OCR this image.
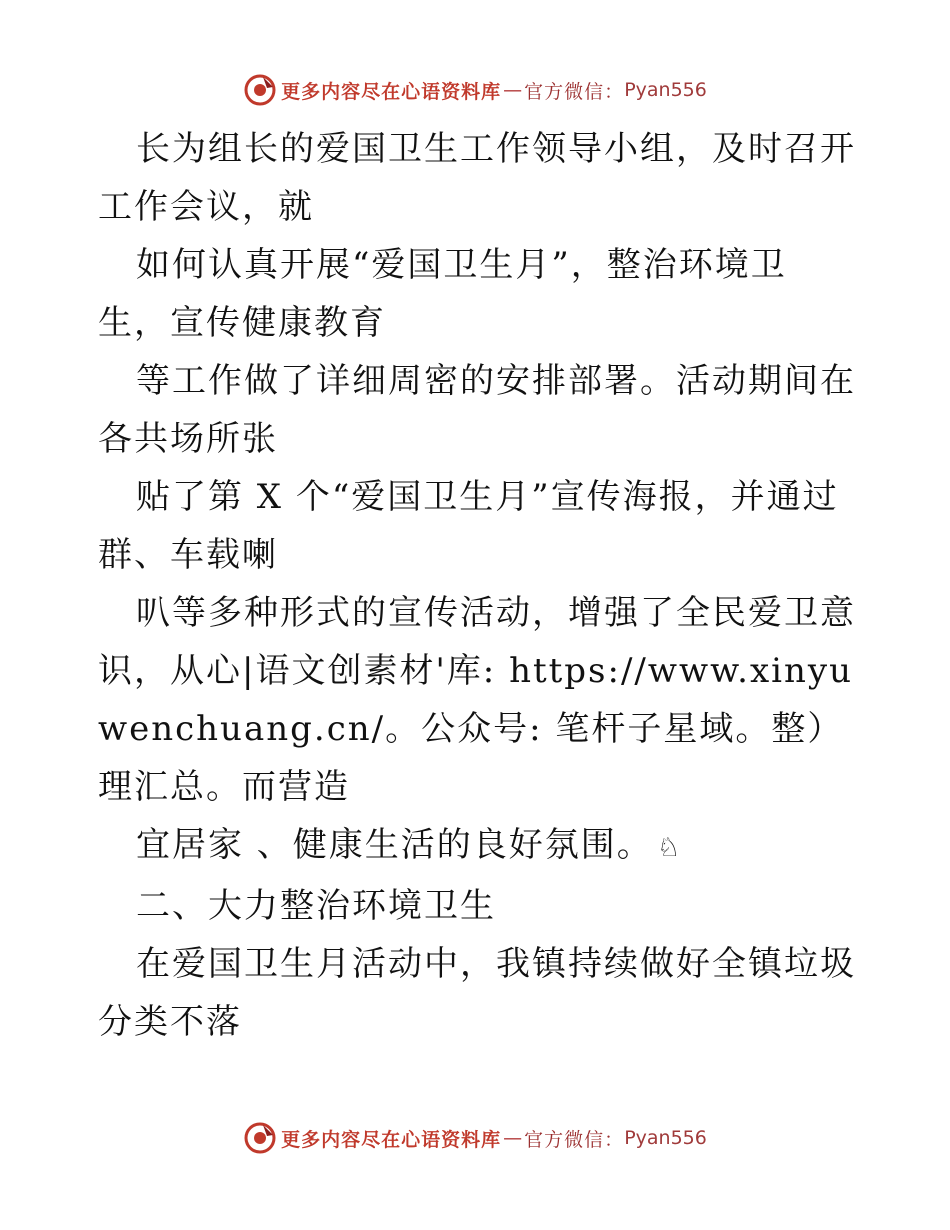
更多内容尽在心语资料库 — 官方微信： Pyan556

长为组长的爱国卫生工作领导小组，及时召开工作会议，就

如何认真开展“爱国卫生月”，整治环境卫生，宣传健康教育

等工作做了详细周密的安排部署。活动期间在各共场所张

贴了第 X 个“爱国卫生月”宣传海报，并通过群、车载喇

叭等多种形式的宣传活动，增强了全民爱卫意识，从心|语文创素材'库: https://www.xinyuwenchuang.cn/。公众号: 笔杆子星域。整）理汇总。而营造

宜居家 、健康生活的良好氛围。 ♘

二、大力整治环境卫生

在爱国卫生月活动中，我镇持续做好全镇垃圾分类不落

更多内容尽在心语资料库 — 官方微信： Pyan556
